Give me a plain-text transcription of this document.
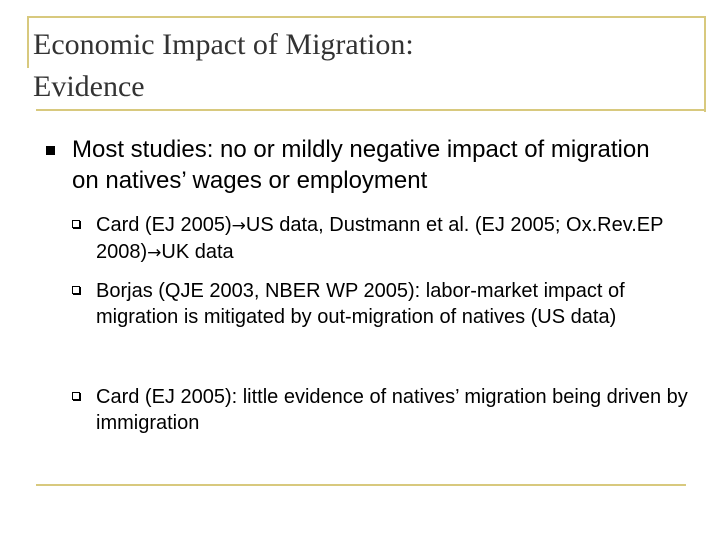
Economic Impact of Migration:
Evidence
Most studies: no or mildly negative impact of migration on natives’ wages or employment
Card (EJ 2005)→US data, Dustmann et al. (EJ 2005; Ox.Rev.EP 2008)→UK data
Borjas (QJE 2003, NBER WP 2005): labor-market impact of migration is mitigated by out-migration of natives (US data)
Card (EJ 2005): little evidence of natives’ migration being driven by immigration
